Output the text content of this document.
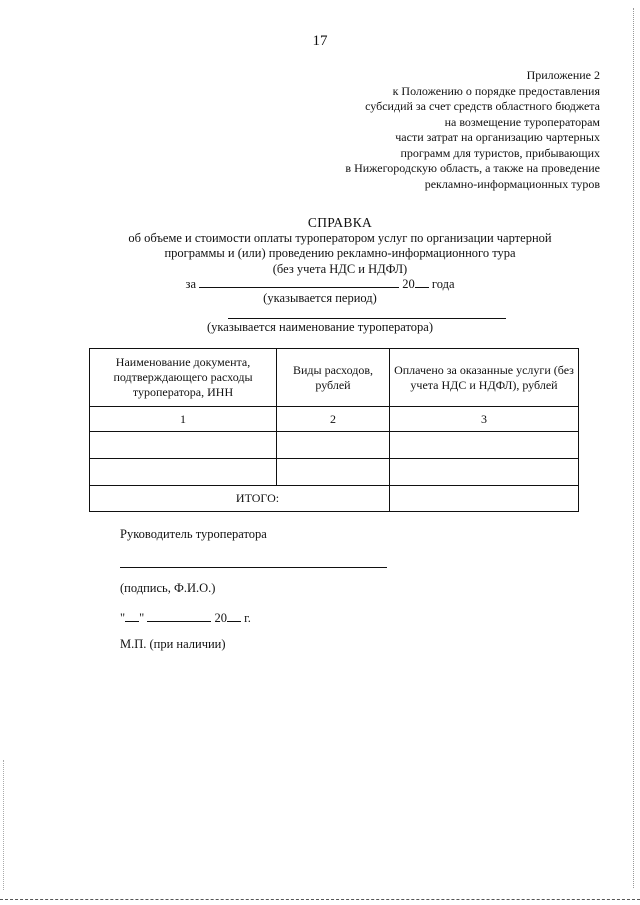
17
Приложение 2
к Положению о порядке предоставления
субсидий за счет средств областного бюджета
на возмещение туроператорам
части затрат на организацию чартерных
программ для туристов, прибывающих
в Нижегородскую область, а также на проведение
рекламно-информационных туров
СПРАВКА
об объеме и стоимости оплаты туроператором услуг по организации чартерной
программы и (или) проведению рекламно-информационного тура
(без учета НДС и НДФЛ)
за	20 года
(указывается период)
(указывается наименование туроператора)
Наименование документа, подтверждающего расходы туроператора, ИНН	Виды расходов, рублей	Оплачено за оказанные услуги (без учета НДС и НДФЛ), рублей
1	2	3

ИТОГО:		
Руководитель туроператора
(подпись, Ф.И.О.)
" "	20 г.
М.П. (при наличии)
